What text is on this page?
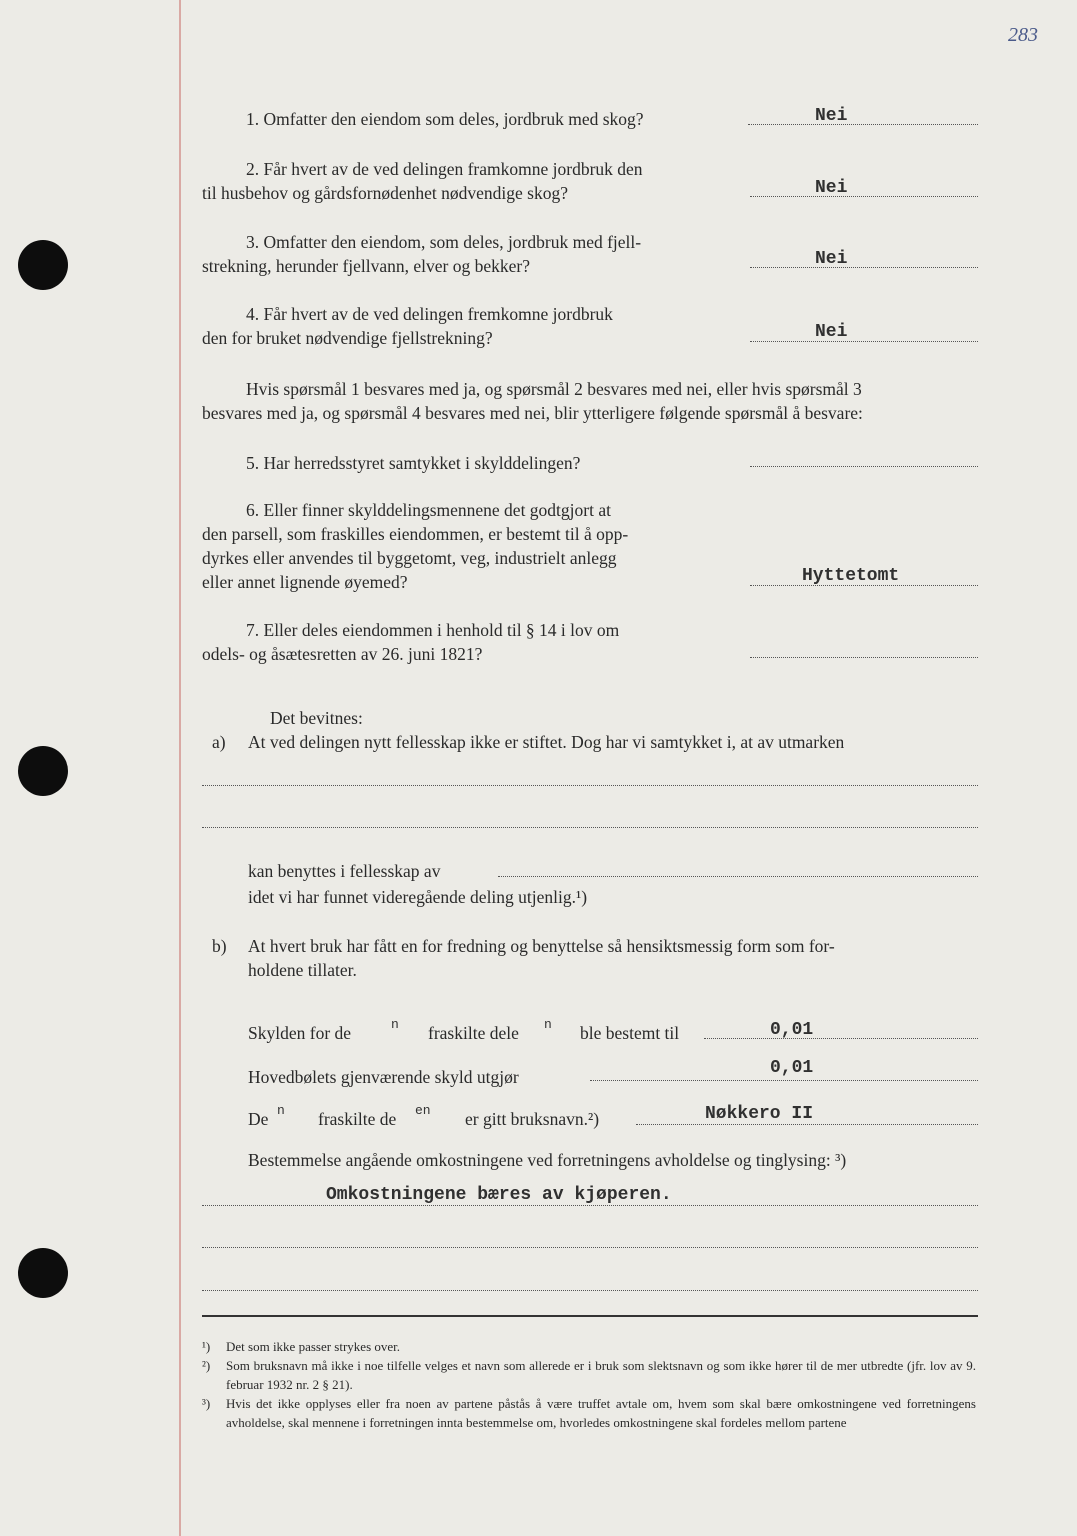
283
1. Omfatter den eiendom som deles, jordbruk med skog?	Nei
2. Får hvert av de ved delingen framkomne jordbruk den
til husbehov og gårdsfornødenhet nødvendige skog?	Nei
3. Omfatter den eiendom, som deles, jordbruk med fjell-
strekning, herunder fjellvann, elver og bekker?	Nei
4. Får hvert av de ved delingen fremkomne jordbruk
den for bruket nødvendige fjellstrekning?	Nei
Hvis spørsmål 1 besvares med ja, og spørsmål 2 besvares med nei, eller hvis spørsmål 3
besvares med ja, og spørsmål 4 besvares med nei, blir ytterligere følgende spørsmål å besvare:
5. Har herredsstyret samtykket i skylddelingen?
6. Eller finner skylddelingsmennene det godtgjort at
den parsell, som fraskilles eiendommen, er bestemt til å opp-
dyrkes eller anvendes til byggetomt, veg, industrielt anlegg
eller annet lignende øyemed?	Hyttetomt
7. Eller deles eiendommen i henhold til § 14 i lov om
odels- og åsætesretten av 26. juni 1821?
Det bevitnes:
a) At ved delingen nytt fellesskap ikke er stiftet. Dog har vi samtykket i, at av utmarken
kan benyttes i fellesskap av
idet vi har funnet videregående deling utjenlig.¹)
b) At hvert bruk har fått en for fredning og benyttelse så hensiktsmessig form som for-
holdene tillater.
Skylden for de	n fraskilte dele n ble bestemt til	0,01
Hovedbølets gjenværende skyld utgjør	0,01
De n fraskilte de en er gitt bruksnavn.²)	Nøkkero II
Bestemmelse angående omkostningene ved forretningens avholdelse og tinglysing: ³)
Omkostningene bæres av kjøperen.
¹) Det som ikke passer strykes over.
²) Som bruksnavn må ikke i noe tilfelle velges et navn som allerede er i bruk som slektsnavn og som ikke hører til de mer utbredte (jfr. lov av 9. februar 1932 nr. 2 § 21).
³) Hvis det ikke opplyses eller fra noen av partene påstås å være truffet avtale om, hvem som skal bære omkostningene ved forretningens avholdelse, skal mennene i forretningen innta bestemmelse om, hvorledes omkostningene skal fordeles mellom partene
